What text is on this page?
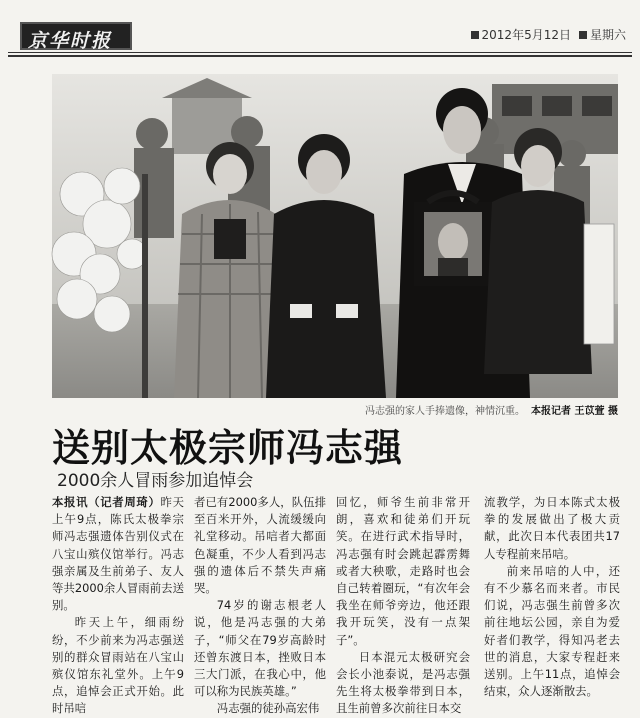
京华时报	2012年5月12日 星期六
冯志强的家人手捧遗像，神情沉重。 本报记者 王苡萱 摄
送别太极宗师冯志强
2000余人冒雨参加追悼会

本报讯（记者周琦）昨天上午9点，陈氏太极拳宗师冯志强遗体告别仪式在八宝山殡仪馆举行。冯志强亲属及生前弟子、友人等共2000余人冒雨前去送别。

昨天上午，细雨纷纷，不少前来为冯志强送别的群众冒雨站在八宝山殡仪馆东礼堂外。上午9点，追悼会正式开始。此时吊唁

者已有2000多人，队伍排至百米开外，人流缓缓向礼堂移动。吊唁者大都面色凝重，不少人看到冯志强的遗体后不禁失声痛哭。

74岁的谢志根老人说，他是冯志强的大弟子，“师父在79岁高龄时还曾东渡日本，挫败日本三大门派，在我心中，他可以称为民族英雄。”

冯志强的徒孙高宏伟

回忆，师爷生前非常开朗，喜欢和徒弟们开玩笑。在进行武术指导时，冯志强有时会跳起霹雳舞或者大秧歌，走路时也会自己转着圈玩，“有次年会我坐在师爷旁边，他还跟我开玩笑，没有一点架子”。

日本混元太极研究会会长小池泰说，是冯志强先生将太极拳带到日本，且生前曾多次前往日本交

流教学，为日本陈式太极拳的发展做出了极大贡献，此次日本代表团共17人专程前来吊唁。

前来吊唁的人中，还有不少慕名而来者。市民们说，冯志强生前曾多次前往地坛公园，亲自为爱好者们教学，得知冯老去世的消息，大家专程赶来送别。上午11点，追悼会结束，众人逐渐散去。
